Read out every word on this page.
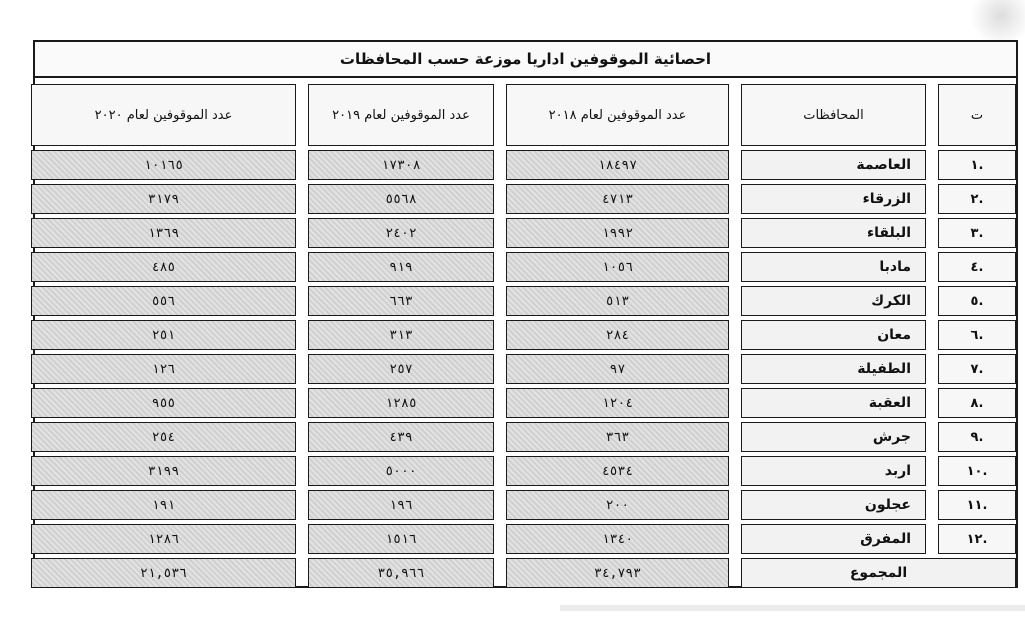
احصائية الموقوفين اداريا موزعة حسب المحافظات
ت		المحافظات		عدد الموقوفين لعام ٢٠١٨		عدد الموقوفين لعام ٢٠١٩		عدد الموقوفين لعام ٢٠٢٠
.١		العاصمة		١٨٤٩٧		١٧٣٠٨		١٠١٦٥
.٢		الزرقاء		٤٧١٣		٥٥٦٨		٣١٧٩
.٣		البلقاء		١٩٩٢		٢٤٠٢		١٣٦٩
.٤		مادبا		١٠٥٦		٩١٩		٤٨٥
.٥		الكرك		٥١٣		٦٦٣		٥٥٦
.٦		معان		٢٨٤		٣١٣		٢٥١
.٧		الطفيلة		٩٧		٢٥٧		١٢٦
.٨		العقبة		١٢٠٤		١٢٨٥		٩٥٥
.٩		جرش		٣٦٣		٤٣٩		٢٥٤
.١٠		اربد		٤٥٣٤		٥٠٠٠		٣١٩٩
.١١		عجلون		٢٠٠		١٩٦		١٩١
.١٢		المفرق		١٣٤٠		١٥١٦		١٢٨٦
المجموع				٣٤,٧٩٣		٣٥,٩٦٦		٢١,٥٣٦
